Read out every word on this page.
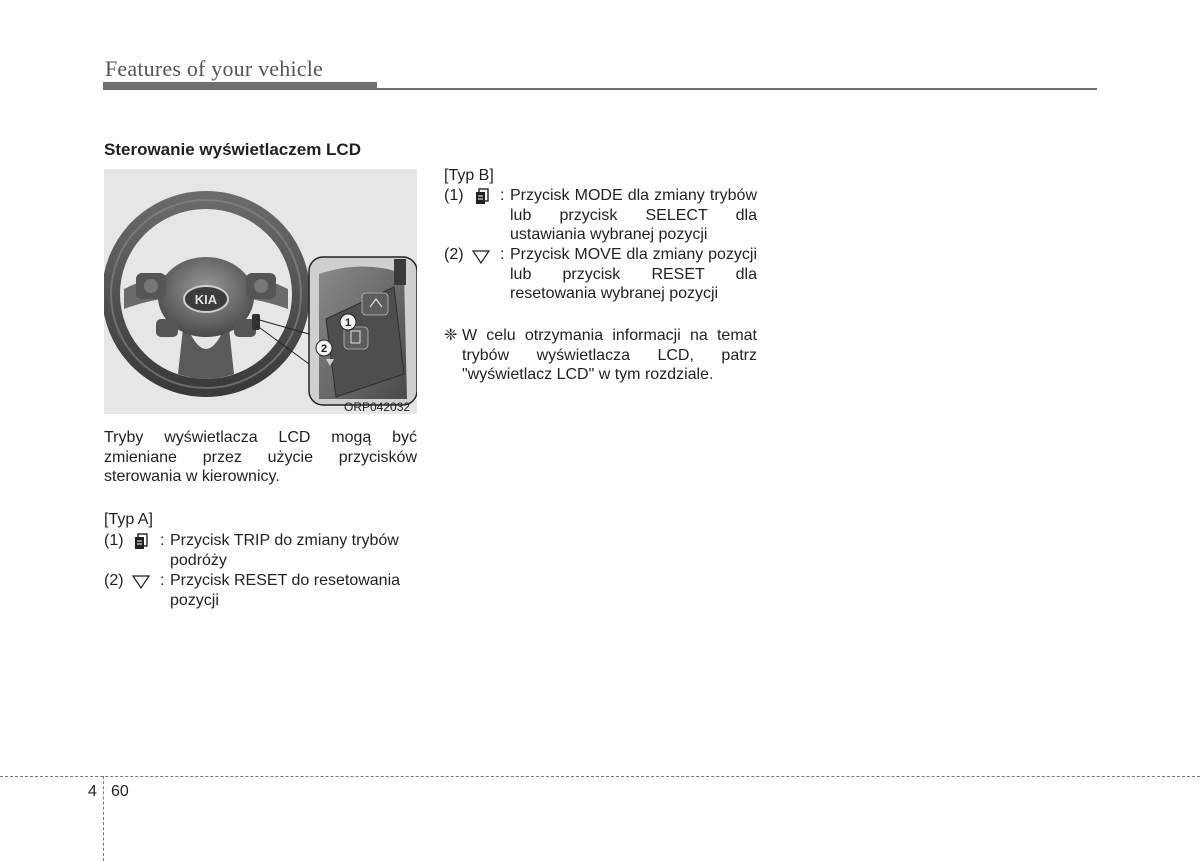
Features of your vehicle
Sterowanie wyświetlaczem LCD
KIA
1
2
ORP042032
Tryby wyświetlacza LCD mogą być zmieniane przez użycie przycisków sterowania w kierownicy.
[Typ A]
(1) : Przycisk TRIP do zmiany trybów podróży
(2) : Przycisk RESET do resetowania pozycji
[Typ B]
(1) : Przycisk MODE dla zmiany trybów lub przycisk SELECT dla ustawiania wybranej pozycji
(2) : Przycisk MOVE dla zmiany pozycji lub przycisk RESET dla resetowania wybranej pozycji
❈ W celu otrzymania informacji na temat trybów wyświetlacza LCD, patrz "wyświetlacz LCD" w tym rozdziale.
4 60
